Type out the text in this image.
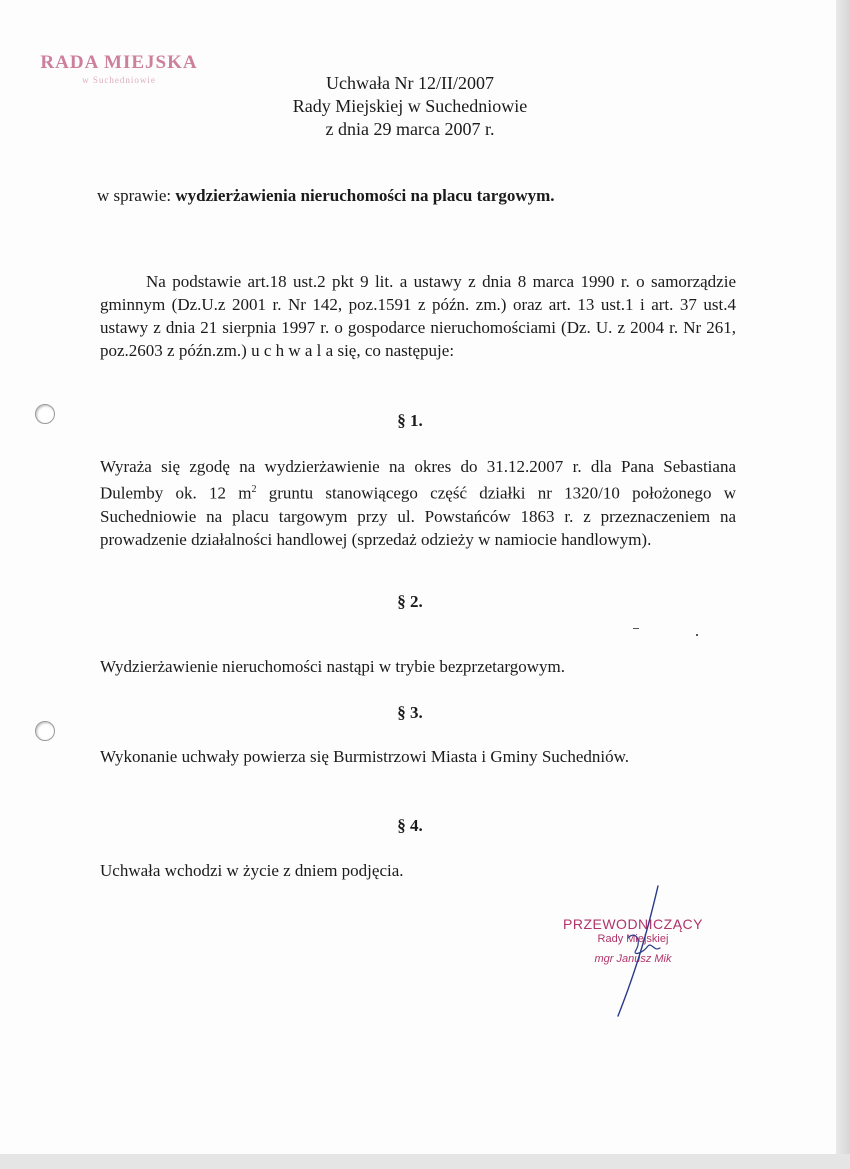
RADA MIEJSKA
w Suchedniowie	Uchwała Nr 12/II/2007
Rady Miejskiej w Suchedniowie
z dnia 29 marca 2007 r.
w sprawie: wydzierżawienia nieruchomości na placu targowym.
Na podstawie art.18 ust.2 pkt 9 lit. a ustawy z dnia 8 marca 1990 r. o samorządzie gminnym (Dz.U.z 2001 r. Nr 142, poz.1591 z późn. zm.) oraz art. 13 ust.1 i art. 37 ust.4 ustawy z dnia 21 sierpnia 1997 r. o gospodarce nieruchomościami (Dz. U. z 2004 r. Nr 261, poz.2603 z późn.zm.) u c h w a l a się, co następuje:
§ 1.
Wyraża się zgodę na wydzierżawienie na okres do 31.12.2007 r. dla Pana Sebastiana Dulemby ok. 12 $m^2$ gruntu stanowiącego część działki nr 1320/10 położonego w Suchedniowie na placu targowym przy ul. Powstańców 1863 r. z przeznaczeniem na prowadzenie działalności handlowej (sprzedaż odzieży w namiocie handlowym).
§ 2.
Wydzierżawienie nieruchomości nastąpi w trybie bezprzetargowym.
§ 3.
Wykonanie uchwały powierza się Burmistrzowi Miasta i Gminy Suchedniów.
§ 4.
Uchwała wchodzi w życie z dniem podjęcia.
PRZEWODNICZĄCY
Rady Miejskiej
mgr Janusz Mik
